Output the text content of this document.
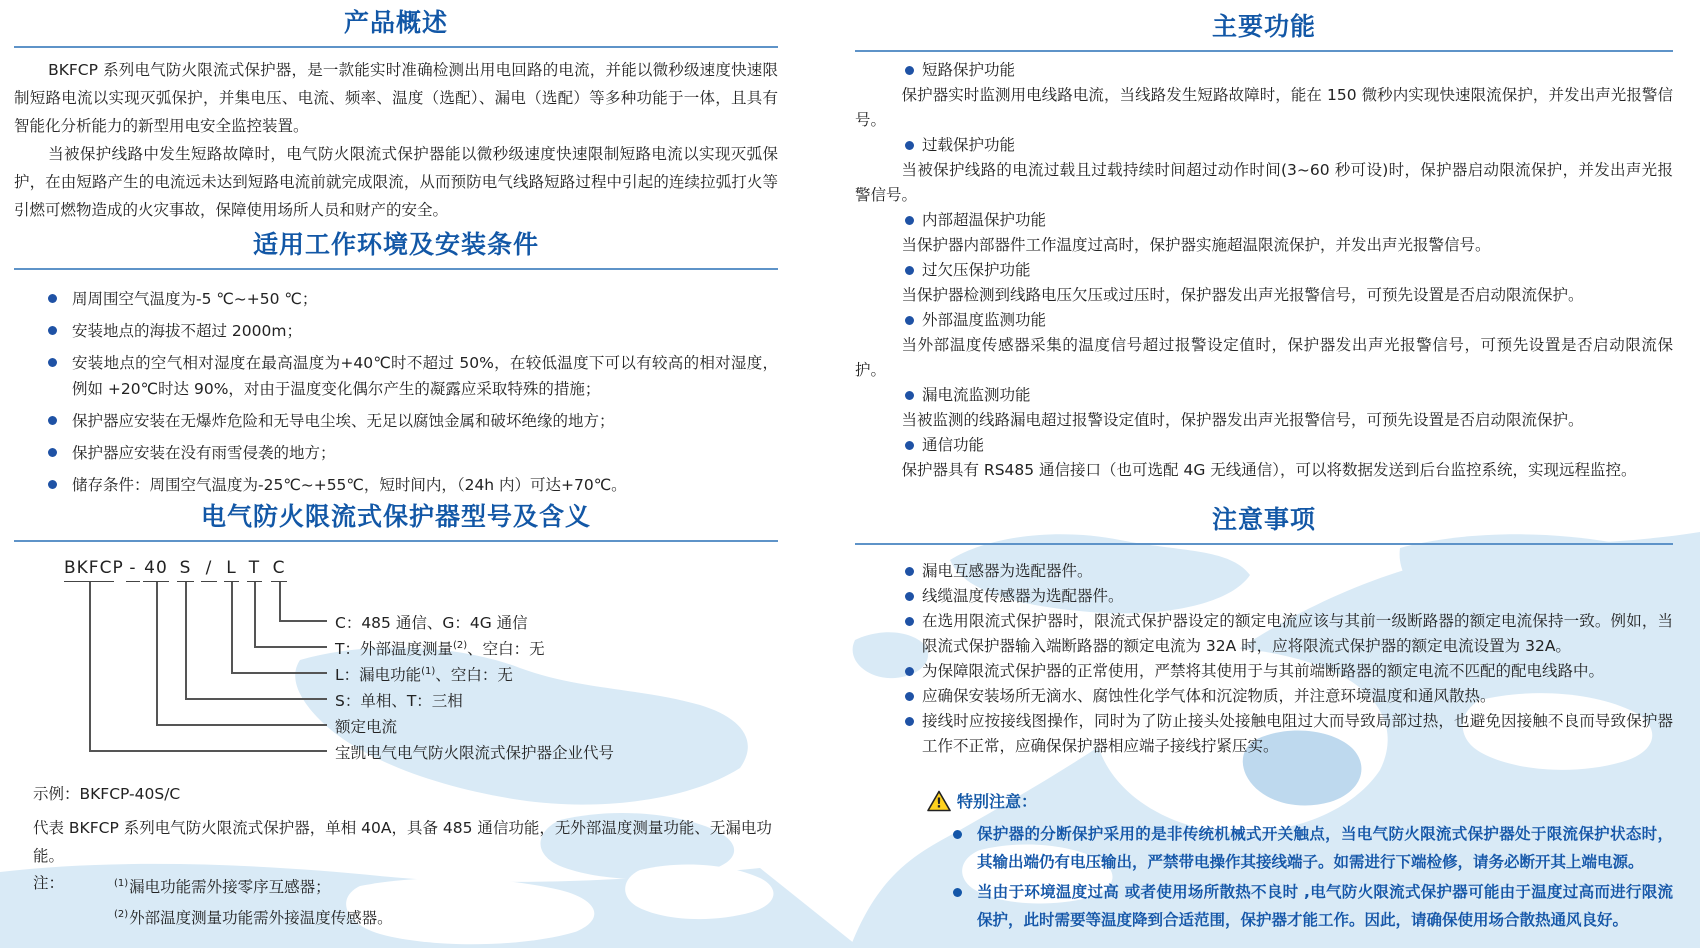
产品概述

BKFCP 系列电气防火限流式保护器，是一款能实时准确检测出用电回路的电流，并能以微秒级速度快速限制短路电流以实现灭弧保护，并集电压、电流、频率、温度（选配）、漏电（选配）等多种功能于一体，且具有智能化分析能力的新型用电安全监控装置。

当被保护线路中发生短路故障时，电气防火限流式保护器能以微秒级速度快速限制短路电流以实现灭弧保护，在由短路产生的电流远未达到短路电流前就完成限流，从而预防电气线路短路过程中引起的连续拉弧打火等引燃可燃物造成的火灾事故，保障使用场所人员和财产的安全。

适用工作环境及安装条件
周周围空气温度为-5 ℃~+50 ℃；
安装地点的海拔不超过 2000m；
安装地点的空气相对湿度在最高温度为+40℃时不超过 50%，在较低温度下可以有较高的相对湿度，例如 +20℃时达 90%，对由于温度变化偶尔产生的凝露应采取特殊的措施；
保护器应安装在无爆炸危险和无导电尘埃、无足以腐蚀金属和破坏绝缘的地方；
保护器应安装在没有雨雪侵袭的地方；
储存条件：周围空气温度为-25℃~+55℃，短时间内，（24h 内）可达+70℃。
电气防火限流式保护器型号及含义
BKFCP - 40 S / L T C
C：485 通信、G：4G 通信
T：外部温度测量$^{(2)}$、空白：无
L：漏电功能$^{(1)}$、空白：无
S：单相、T：三相
额定电流
宝凯电气电气防火限流式保护器企业代号

示例：BKFCP-40S/C

代表 BKFCP 系列电气防火限流式保护器，单相 40A，具备 485 通信功能，无外部温度测量功能、无漏电功能。

注：	$^{(1)}$漏电功能需外接零序互感器；
$^{(2)}$外部温度测量功能需外接温度传感器。
主要功能
短路保护功能

保护器实时监测用电线路电流，当线路发生短路故障时，能在 150 微秒内实现快速限流保护，并发出声光报警信号。

过载保护功能

当被保护线路的电流过载且过载持续时间超过动作时间(3~60 秒可设)时，保护器启动限流保护，并发出声光报警信号。

内部超温保护功能

当保护器内部器件工作温度过高时，保护器实施超温限流保护，并发出声光报警信号。

过欠压保护功能

当保护器检测到线路电压欠压或过压时，保护器发出声光报警信号，可预先设置是否启动限流保护。

外部温度监测功能

当外部温度传感器采集的温度信号超过报警设定值时，保护器发出声光报警信号，可预先设置是否启动限流保护。

漏电流监测功能

当被监测的线路漏电超过报警设定值时，保护器发出声光报警信号，可预先设置是否启动限流保护。

通信功能

保护器具有 RS485 通信接口（也可选配 4G 无线通信），可以将数据发送到后台监控系统，实现远程监控。

注意事项
漏电互感器为选配器件。
线缆温度传感器为选配器件。
在选用限流式保护器时，限流式保护器设定的额定电流应该与其前一级断路器的额定电流保持一致。例如，当限流式保护器输入端断路器的额定电流为 32A 时，应将限流式保护器的额定电流设置为 32A。
为保障限流式保护器的正常使用，严禁将其使用于与其前端断路器的额定电流不匹配的配电线路中。
应确保安装场所无滴水、腐蚀性化学气体和沉淀物质，并注意环境温度和通风散热。
接线时应按接线图操作，同时为了防止接头处接触电阻过大而导致局部过热，也避免因接触不良而导致保护器工作不正常，应确保保护器相应端子接线拧紧压实。
! 特别注意：
保护器的分断保护采用的是非传统机械式开关触点，当电气防火限流式保护器处于限流保护状态时，其输出端仍有电压输出，严禁带电操作其接线端子。如需进行下端检修，请务必断开其上端电源。
当由于环境温度过高 或者使用场所散热不良时 ,电气防火限流式保护器可能由于温度过高而进行限流保护，此时需要等温度降到合适范围，保护器才能工作。因此，请确保使用场合散热通风良好。
